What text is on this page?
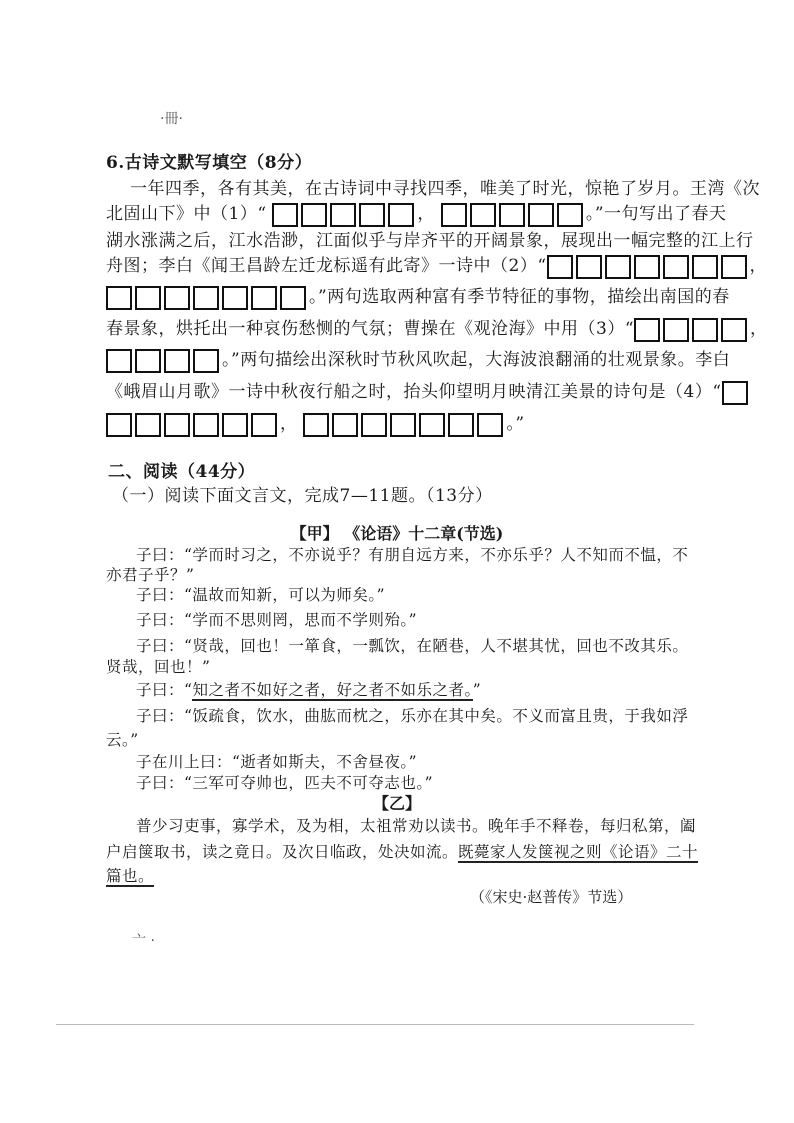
·冊·
6.古诗文默写填空（8分）
一年四季，各有其美，在古诗词中寻找四季，唯美了时光，惊艳了岁月。王湾《次
北固山下》中（1）“	，	。”一句写出了春天
湖水涨满之后，江水浩渺，江面似乎与岸齐平的开阔景象，展现出一幅完整的江上行
舟图；李白《闻王昌龄左迁龙标遥有此寄》一诗中（2）“	，
。”两句选取两种富有季节特征的事物，描绘出南国的春
春景象，烘托出一种哀伤愁恻的气氛；曹操在《观沧海》中用（3）“	，
。”两句描绘出深秋时节秋风吹起，大海波浪翻涌的壮观景象。李白
《峨眉山月歌》一诗中秋夜行船之时，抬头仰望明月映清江美景的诗句是（4）“
，	。”
二、阅读（44分）
（一）阅读下面文言文，完成7—11题。（13分）
【甲】 《论语》十二章(节选)
子曰：“学而时习之，不亦说乎？有朋自远方来，不亦乐乎？人不知而不愠，不
亦君子乎？”
子曰：“温故而知新，可以为师矣。”
子曰：“学而不思则罔，思而不学则殆。”
子曰：“贤哉，回也！一箪食，一瓢饮，在陋巷，人不堪其忧，回也不改其乐。
贤哉，回也！”
子曰：“知之者不如好之者，好之者不如乐之者。”
子曰：“饭疏食，饮水，曲肱而枕之，乐亦在其中矣。不义而富且贵，于我如浮
云。”
子在川上曰：“逝者如斯夫，不舍昼夜。”
子曰：“三军可夺帅也，匹夫不可夺志也。”
【乙】
普少习吏事，寡学术，及为相，太祖常劝以读书。晚年手不释卷，每归私第，阖
户启箧取书，读之竟日。及次日临政，处决如流。既薨家人发箧视之则《论语》二十
篇也。
（《宋史·赵普传》节选）
亠 ·
